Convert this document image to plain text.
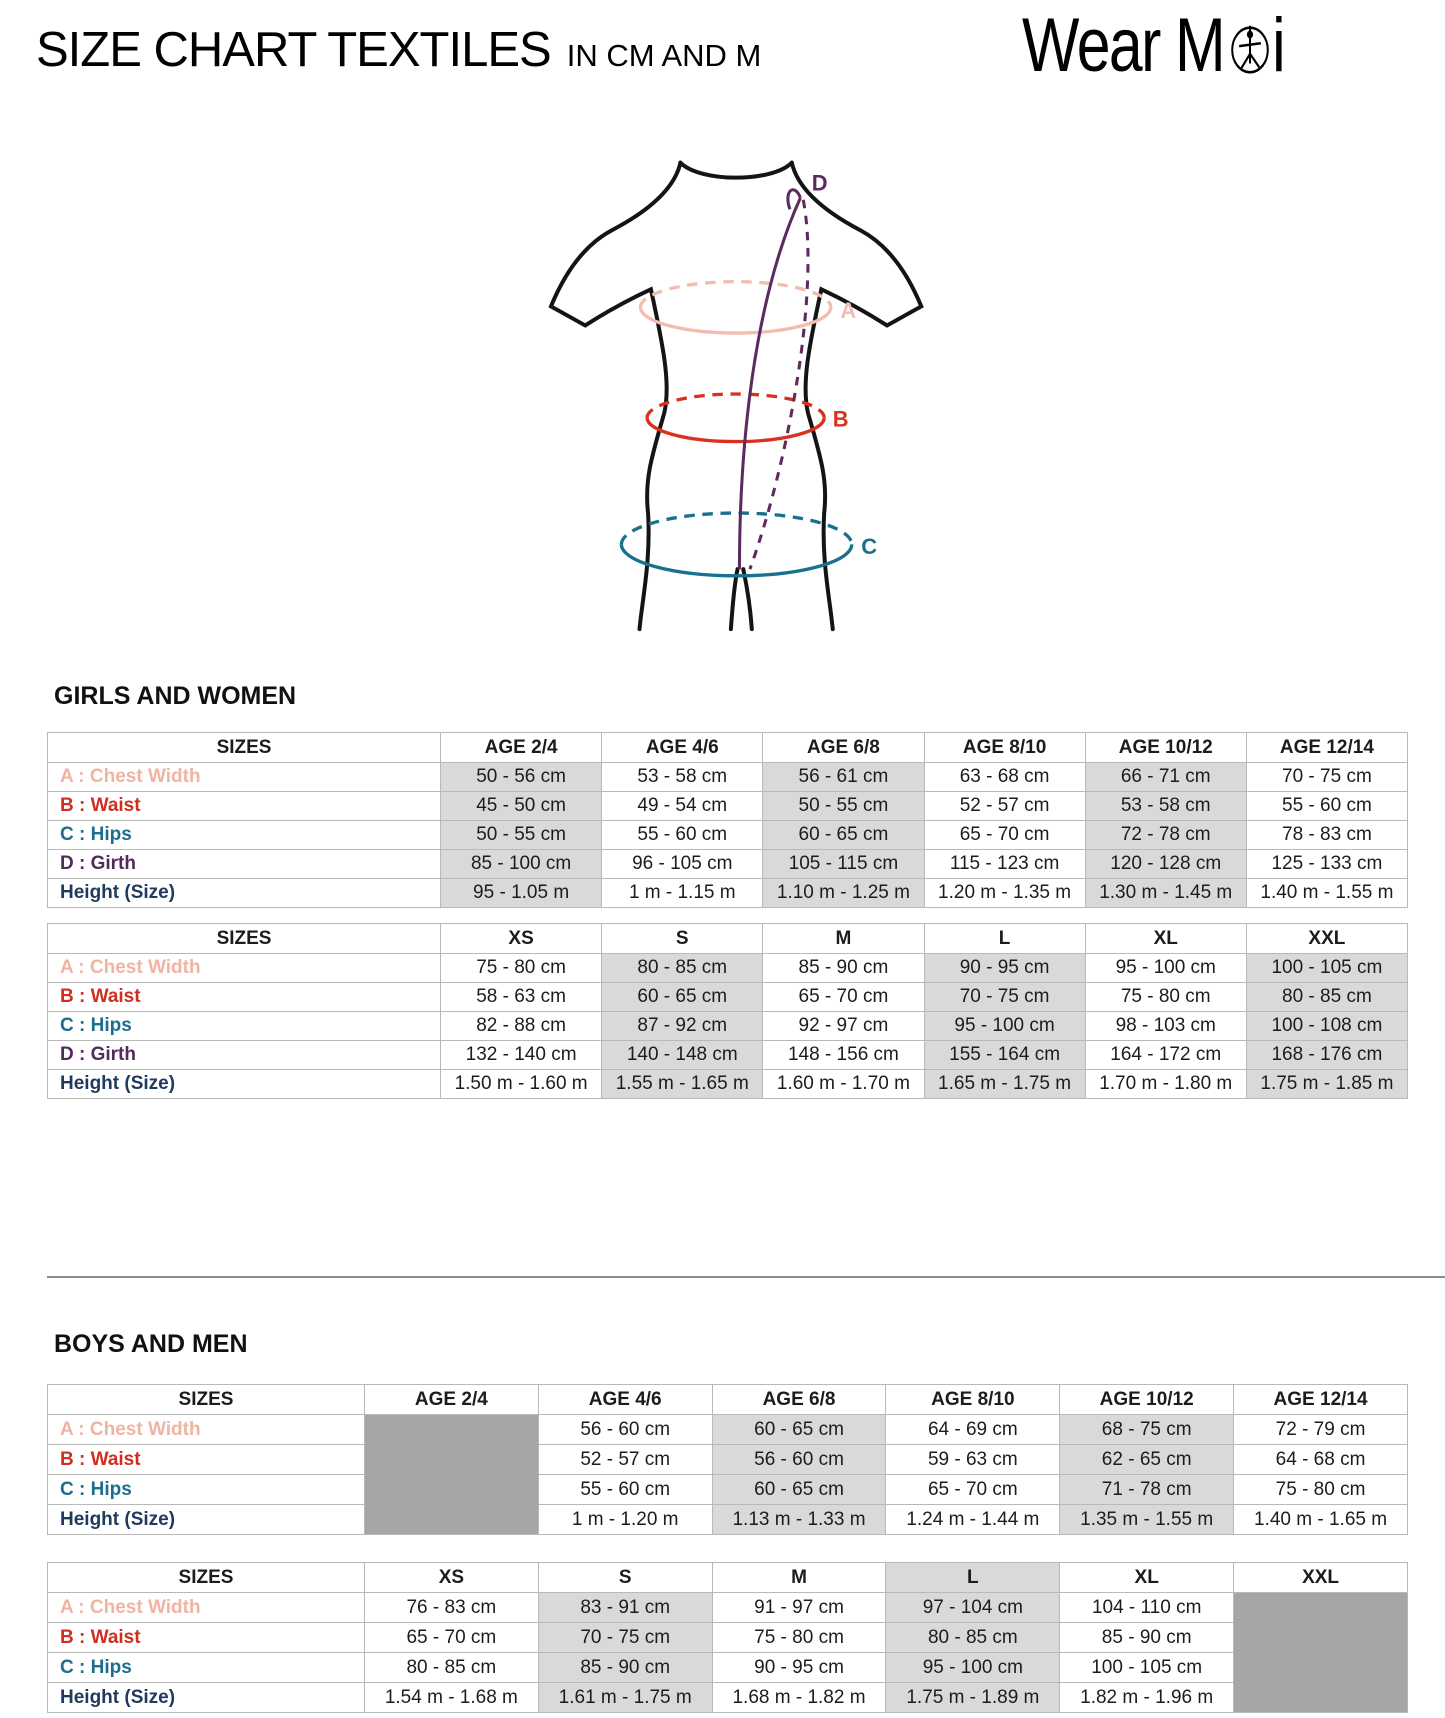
SIZE CHART TEXTILES IN CM AND M	Wear M i
D
A
B
C
GIRLS AND WOMEN
SIZES	AGE 2/4	AGE 4/6	AGE 6/8	AGE 8/10	AGE 10/12	AGE 12/14
A : Chest Width	50 - 56 cm	53 - 58 cm	56 - 61 cm	63 - 68 cm	66 - 71 cm	70 - 75 cm
B : Waist	45 - 50 cm	49 - 54 cm	50 - 55 cm	52 - 57 cm	53 - 58 cm	55 - 60 cm
C : Hips	50 - 55 cm	55 - 60 cm	60 - 65 cm	65 - 70 cm	72 - 78 cm	78 - 83 cm
D : Girth	85 - 100 cm	96 - 105 cm	105 - 115 cm	115 - 123 cm	120 - 128 cm	125 - 133 cm
Height (Size)	95 - 1.05 m	1 m - 1.15 m	1.10 m - 1.25 m	1.20 m - 1.35 m	1.30 m - 1.45 m	1.40 m - 1.55 m
SIZES	XS	S	M	L	XL	XXL
A : Chest Width	75 - 80 cm	80 - 85 cm	85 - 90 cm	90 - 95 cm	95 - 100 cm	100 - 105 cm
B : Waist	58 - 63 cm	60 - 65 cm	65 - 70 cm	70 - 75 cm	75 - 80 cm	80 - 85 cm
C : Hips	82 - 88 cm	87 - 92 cm	92 - 97 cm	95 - 100 cm	98 - 103 cm	100 - 108 cm
D : Girth	132 - 140 cm	140 - 148 cm	148 - 156 cm	155 - 164 cm	164 - 172 cm	168 - 176 cm
Height (Size)	1.50 m - 1.60 m	1.55 m - 1.65 m	1.60 m - 1.70 m	1.65 m - 1.75 m	1.70 m - 1.80 m	1.75 m - 1.85 m
BOYS AND MEN
SIZES	AGE 2/4	AGE 4/6	AGE 6/8	AGE 8/10	AGE 10/12	AGE 12/14
A : Chest Width		56 - 60 cm	60 - 65 cm	64 - 69 cm	68 - 75 cm	72 - 79 cm
B : Waist		52 - 57 cm	56 - 60 cm	59 - 63 cm	62 - 65 cm	64 - 68 cm
C : Hips		55 - 60 cm	60 - 65 cm	65 - 70 cm	71 - 78 cm	75 - 80 cm
Height (Size)		1 m - 1.20 m	1.13 m - 1.33 m	1.24 m - 1.44 m	1.35 m - 1.55 m	1.40 m - 1.65 m
SIZES	XS	S	M	L	XL	XXL
A : Chest Width	76 - 83 cm	83 - 91 cm	91 - 97 cm	97 - 104 cm	104 - 110 cm	
B : Waist	65 - 70 cm	70 - 75 cm	75 - 80 cm	80 - 85 cm	85 - 90 cm	
C : Hips	80 - 85 cm	85 - 90 cm	90 - 95 cm	95 - 100 cm	100 - 105 cm	
Height (Size)	1.54 m - 1.68 m	1.61 m - 1.75 m	1.68 m - 1.82 m	1.75 m - 1.89 m	1.82 m - 1.96 m	
